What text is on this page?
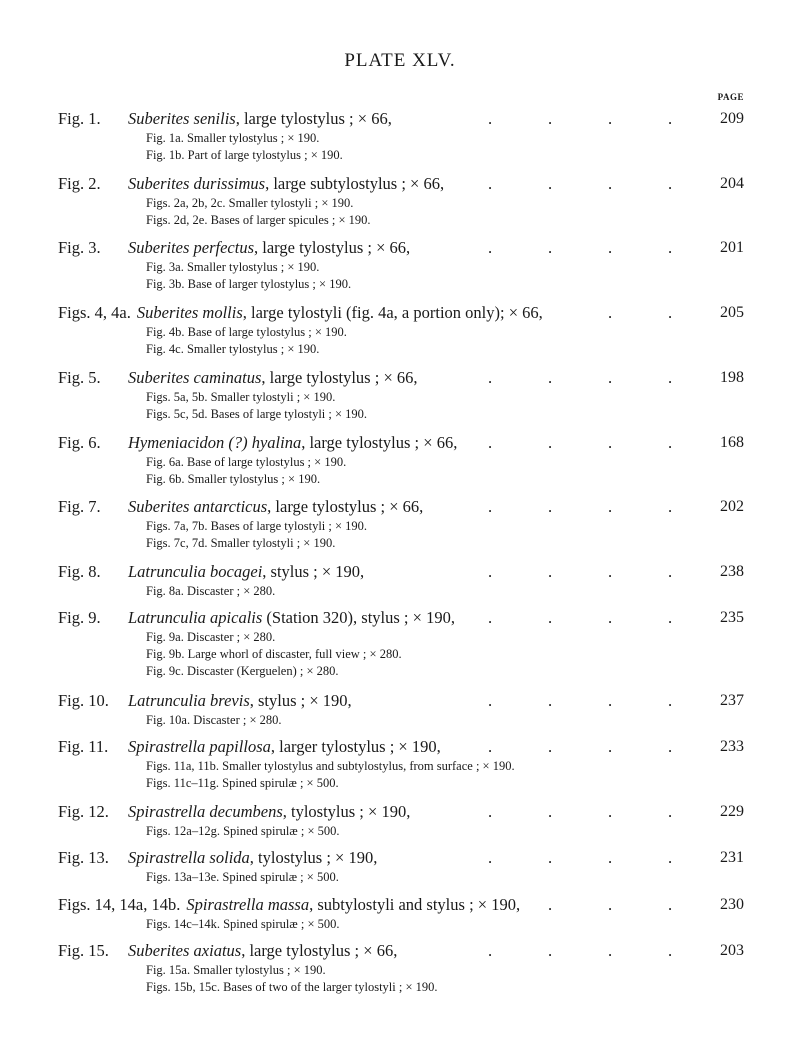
PLATE XLV.
PAGE
Fig. 1. Suberites senilis, large tylostylus ; × 66,	.	.	.	.	209
Fig. 1a. Smaller tylostylus ; × 190.
Fig. 1b. Part of large tylostylus ; × 190.
Fig. 2. Suberites durissimus, large subtylostylus ; × 66,	.	.	.	.	204
Figs. 2a, 2b, 2c. Smaller tylostyli ; × 190.
Figs. 2d, 2e. Bases of larger spicules ; × 190.
Fig. 3. Suberites perfectus, large tylostylus ; × 66,	.	.	.	.	201
Fig. 3a. Smaller tylostylus ; × 190.
Fig. 3b. Base of larger tylostylus ; × 190.
Figs. 4, 4a. Suberites mollis, large tylostyli (fig. 4a, a portion only); × 66,	.	.	205
Fig. 4b. Base of large tylostylus ; × 190.
Fig. 4c. Smaller tylostylus ; × 190.
Fig. 5. Suberites caminatus, large tylostylus ; × 66,	.	.	.	.	198
Figs. 5a, 5b. Smaller tylostyli ; × 190.
Figs. 5c, 5d. Bases of large tylostyli ; × 190.
Fig. 6. Hymeniacidon (?) hyalina, large tylostylus ; × 66, .	.	.	.	168
Fig. 6a. Base of large tylostylus ; × 190.
Fig. 6b. Smaller tylostylus ; × 190.
Fig. 7. Suberites antarcticus, large tylostylus ; × 66,	.	.	.	.	202
Figs. 7a, 7b. Bases of large tylostyli ; × 190.
Figs. 7c, 7d. Smaller tylostyli ; × 190.
Fig. 8. Latrunculia bocagei, stylus ; × 190,	.	.	.	.	238
Fig. 8a. Discaster ; × 280.
Fig. 9. Latrunculia apicalis (Station 320), stylus ; × 190, .	.	.	.	235
Fig. 9a. Discaster ; × 280.
Fig. 9b. Large whorl of discaster, full view ; × 280.
Fig. 9c. Discaster (Kerguelen) ; × 280.
Fig. 10. Latrunculia brevis, stylus ; × 190,	.	.	.	.	237
Fig. 10a. Discaster ; × 280.
Fig. 11. Spirastrella papillosa, larger tylostylus ; × 190,	.	.	.	.	233
Figs. 11a, 11b. Smaller tylostylus and subtylostylus, from surface ; × 190.
Figs. 11c–11g. Spined spirulæ ; × 500.
Fig. 12. Spirastrella decumbens, tylostylus ; × 190,	.	.	.	.	229
Figs. 12a–12g. Spined spirulæ ; × 500.
Fig. 13. Spirastrella solida, tylostylus ; × 190,	.	.	.	.	231
Figs. 13a–13e. Spined spirulæ ; × 500.
Figs. 14, 14a, 14b. Spirastrella massa, subtylostyli and stylus ; × 190, .	.	.	230
Figs. 14c–14k. Spined spirulæ ; × 500.
Fig. 15. Suberites axiatus, large tylostylus ; × 66,	.	.	.	.	203
Fig. 15a. Smaller tylostylus ; × 190.
Figs. 15b, 15c. Bases of two of the larger tylostyli ; × 190.
